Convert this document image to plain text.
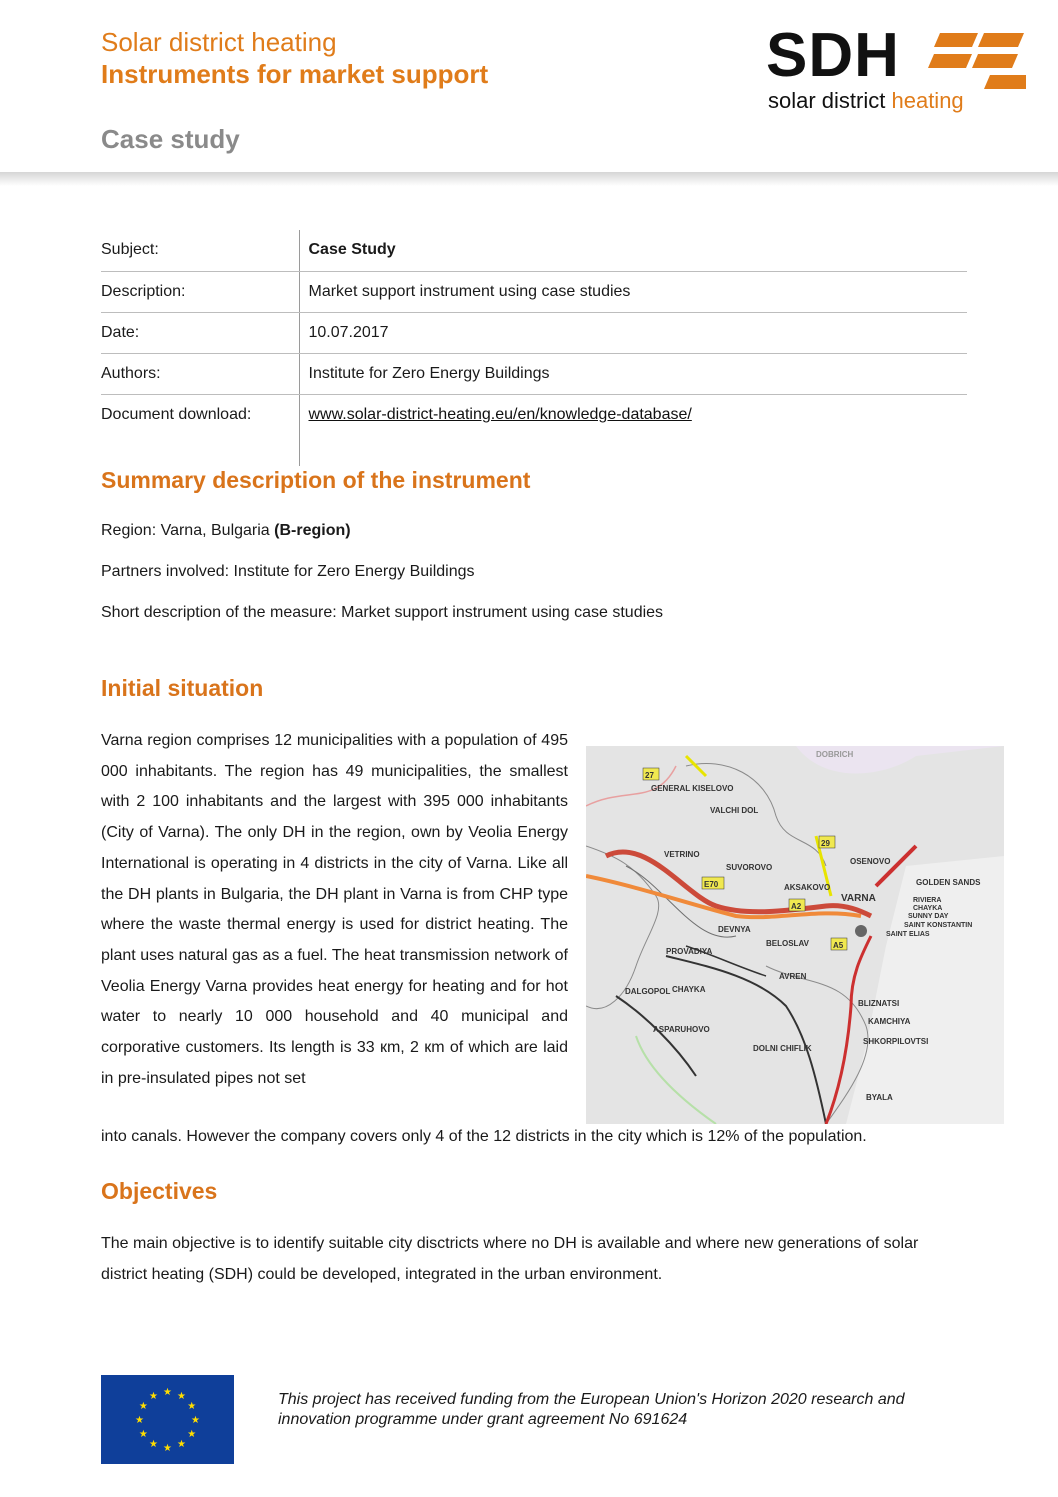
Solar district heating
Instruments for market support
Case study
SDH
solar district heating
Subject:	Case Study
Description:	Market support instrument using case studies
Date:	10.07.2017
Authors:	Institute for Zero Energy Buildings
Document download:	www.solar-district-heating.eu/en/knowledge-database/
Summary description of the instrument
Region: Varna, Bulgaria (B-region)
Partners involved: Institute for Zero Energy Buildings
Short description of the measure: Market support instrument using case studies
Initial situation
Varna region comprises 12 municipalities with a population of 495 000 inhabitants. The region has 49 municipalities, the smallest with 2 100 inhabitants and the largest with 395 000 inhabitants (City of Varna). The only DH in the region, own by Veolia Energy International is operating in 4 districts in the city of Varna. Like all the DH plants in Bulgaria, the DH plant in Varna is from CHP type where the waste thermal energy is used for district heating. The plant uses natural gas as a fuel. The heat transmission network of Veolia Energy Varna provides heat energy for heating and for hot water to nearly 10 000 household and 40 municipal and corporative customers. Its length is 33 кm, 2 кm of which are laid in pre-insulated pipes not set
into canals. However the company covers only 4 of the 12 districts in the city which is 12% of the population.
DOBRICH
27
GENERAL KISELOVO
VALCHI DOL
29
OSENOVO
VETRINO
SUVOROVO
E70	AKSAKOVO
VARNA
A2
GOLDEN SANDS
RIVIERA
CHAYKA
SUNNY DAY
SAINT KONSTANTIN
SAINT ELIAS
DEVNYA
BELOSLAV	A5
PROVADIYA
AVREN
DALGOPOL CHAYKA
BLIZNATSI
KAMCHIYA
ASPARUHOVO
DOLNI CHIFLIK
SHKORPILOVTSI
BYALA
Objectives
The main objective is to identify suitable city disctricts where no DH is available and where new generations of solar district heating (SDH) could be developed, integrated in the urban environment.
★ ★
★
★
★
★
★
★
★
★
★
★	This project has received funding from the European Union's Horizon 2020 research and innovation programme under grant agreement No 691624
